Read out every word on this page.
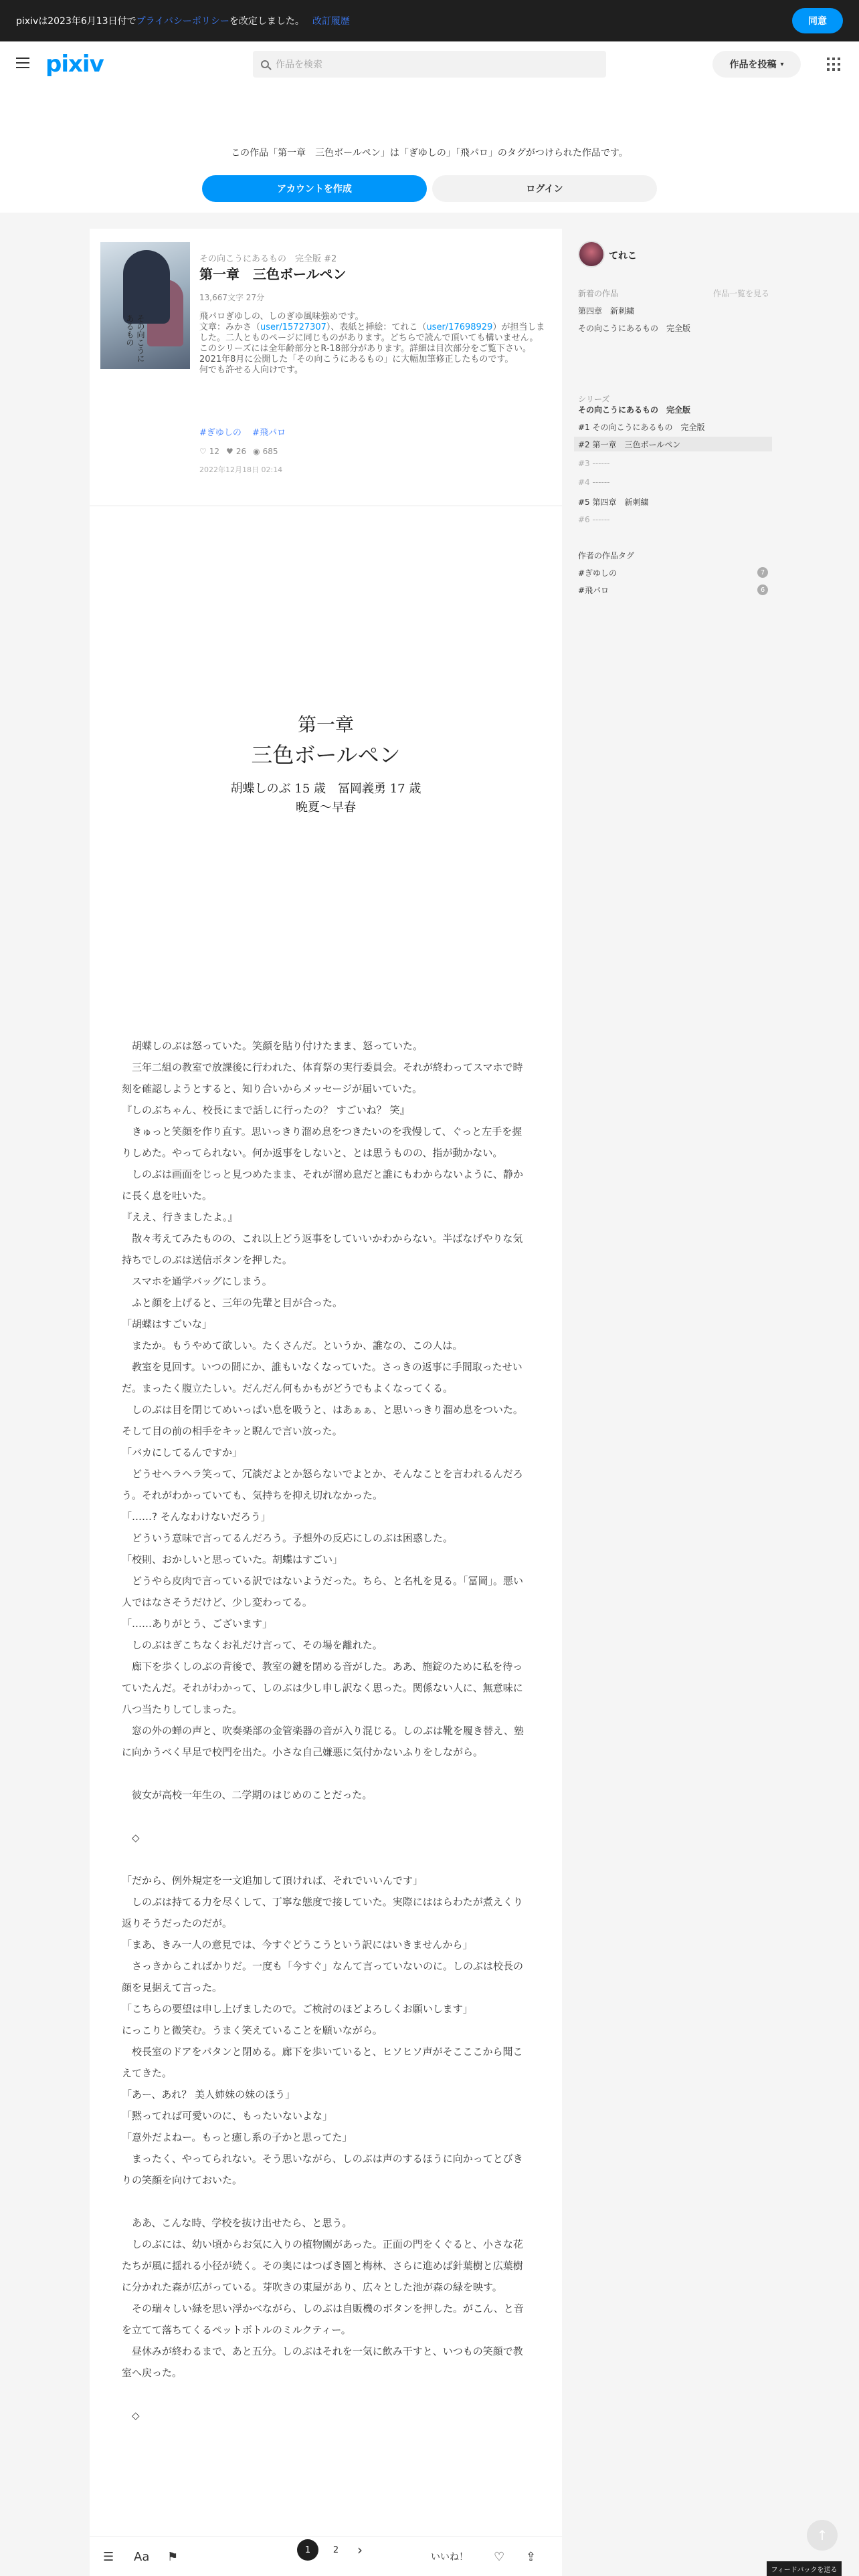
pixivは2023年6月13日付で プライバシーポリシー を改定しました。 改訂履歴	同意
pixiv	作品を検索	作品を投稿 ▾

この作品「第一章　三色ボールペン」は「ぎゆしの」「飛パロ」のタグがつけられた作品です。

アカウントを作成	ログイン
その向こうにあるもの
その向こうにあるもの　完全版 #2
第一章　三色ボールペン
13,667文字 27分
飛パロぎゆしの、しのぎゆ風味強めです。
文章：みかさ（user/15727307）、表紙と挿絵：てれこ（user/17698929）が担当しました。二人とものページに同じものがあります。どちらで読んで頂いても構いません。
このシリーズには全年齢部分とR-18部分があります。詳細は目次部分をご覧下さい。
2021年8月に公開した「その向こうにあるもの」に大幅加筆修正したものです。
何でも許せる人向けです。
#ぎゆしの #飛パロ
♡ 12 ♥ 26 ◉ 685
2022年12月18日 02:14
第一章
三色ボールペン
胡蝶しのぶ 15 歳　冨岡義勇 17 歳
晩夏〜早春

　胡蝶しのぶは怒っていた。笑顔を貼り付けたまま、怒っていた。

　三年二組の教室で放課後に行われた、体育祭の実行委員会。それが終わってスマホで時刻を確認しようとすると、知り合いからメッセージが届いていた。

『しのぶちゃん、校長にまで話しに行ったの？ すごいね？ 笑』

　きゅっと笑顔を作り直す。思いっきり溜め息をつきたいのを我慢して、ぐっと左手を握りしめた。やってられない。何か返事をしないと、とは思うものの、指が動かない。

　しのぶは画面をじっと見つめたまま、それが溜め息だと誰にもわからないように、静かに長く息を吐いた。

『ええ、行きましたよ。』

　散々考えてみたものの、これ以上どう返事をしていいかわからない。半ばなげやりな気持ちでしのぶは送信ボタンを押した。

　スマホを通学バッグにしまう。

　ふと顔を上げると、三年の先輩と目が合った。

「胡蝶はすごいな」

　またか。もうやめて欲しい。たくさんだ。というか、誰なの、この人は。

　教室を見回す。いつの間にか、誰もいなくなっていた。さっきの返事に手間取ったせいだ。まったく腹立たしい。だんだん何もかもがどうでもよくなってくる。

　しのぶは目を閉じてめいっぱい息を吸うと、はあぁぁ、と思いっきり溜め息をついた。そして目の前の相手をキッと睨んで言い放った。

「バカにしてるんですか」

　どうせヘラヘラ笑って、冗談だよとか怒らないでよとか、そんなことを言われるんだろう。それがわかっていても、気持ちを抑え切れなかった。

「……? そんなわけないだろう」

　どういう意味で言ってるんだろう。予想外の反応にしのぶは困惑した。

「校則、おかしいと思っていた。胡蝶はすごい」

　どうやら皮肉で言っている訳ではないようだった。ちら、と名札を見る。「冨岡」。悪い人ではなさそうだけど、少し変わってる。

「……ありがとう、ございます」

　しのぶはぎこちなくお礼だけ言って、その場を離れた。

　廊下を歩くしのぶの背後で、教室の鍵を閉める音がした。ああ、施錠のために私を待っていたんだ。それがわかって、しのぶは少し申し訳なく思った。関係ない人に、無意味に八つ当たりしてしまった。

　窓の外の蝉の声と、吹奏楽部の金管楽器の音が入り混じる。しのぶは靴を履き替え、塾に向かうべく早足で校門を出た。小さな自己嫌悪に気付かないふりをしながら。

　彼女が高校一年生の、二学期のはじめのことだった。

　◇

「だから、例外規定を一文追加して頂ければ、それでいいんです」

　しのぶは持てる力を尽くして、丁寧な態度で接していた。実際にははらわたが煮えくり返りそうだったのだが。

「まあ、きみ一人の意見では、今すぐどうこうという訳にはいきませんから」

　さっきからこればかりだ。一度も「今すぐ」なんて言っていないのに。しのぶは校長の顔を見据えて言った。

「こちらの要望は申し上げましたので。ご検討のほどよろしくお願いします」

にっこりと微笑む。うまく笑えていることを願いながら。

　校長室のドアをパタンと閉める。廊下を歩いていると、ヒソヒソ声がそこここから聞こえてきた。

「あー、あれ？ 美人姉妹の妹のほう」

「黙ってれば可愛いのに、もったいないよな」

「意外だよねー。もっと癒し系の子かと思ってた」

　まったく、やってられない。そう思いながら、しのぶは声のするほうに向かってとびきりの笑顔を向けておいた。

　ああ、こんな時、学校を抜け出せたら、と思う。

　しのぶには、幼い頃からお気に入りの植物園があった。正面の門をくぐると、小さな花たちが風に揺れる小径が続く。その奥にはつばき園と梅林、さらに進めば針葉樹と広葉樹に分かれた森が広がっている。芽吹きの東屋があり、広々とした池が森の緑を映す。

　その瑞々しい緑を思い浮かべながら、しのぶは自販機のボタンを押した。がこん、と音を立てて落ちてくるペットボトルのミルクティー。

　昼休みが終わるまで、あと五分。しのぶはそれを一気に飲み干すと、いつもの笑顔で教室へ戻った。

　◇

☰ Aa ⚑	1	2	›	いいね！ ♡ ⇪
てれこ
新着の作品	作品一覧を見る
第四章　新刺繍
その向こうにあるもの　完全版
シリーズ
その向こうにあるもの　完全版
#1 その向こうにあるもの　完全版
#2 第一章　三色ボールペン
#3 ------
#4 ------
#5 第四章　新刺繍
#6 ------
作者の作品タグ
#ぎゆしの	7
#飛パロ	6
↑
フィードバックを送る
